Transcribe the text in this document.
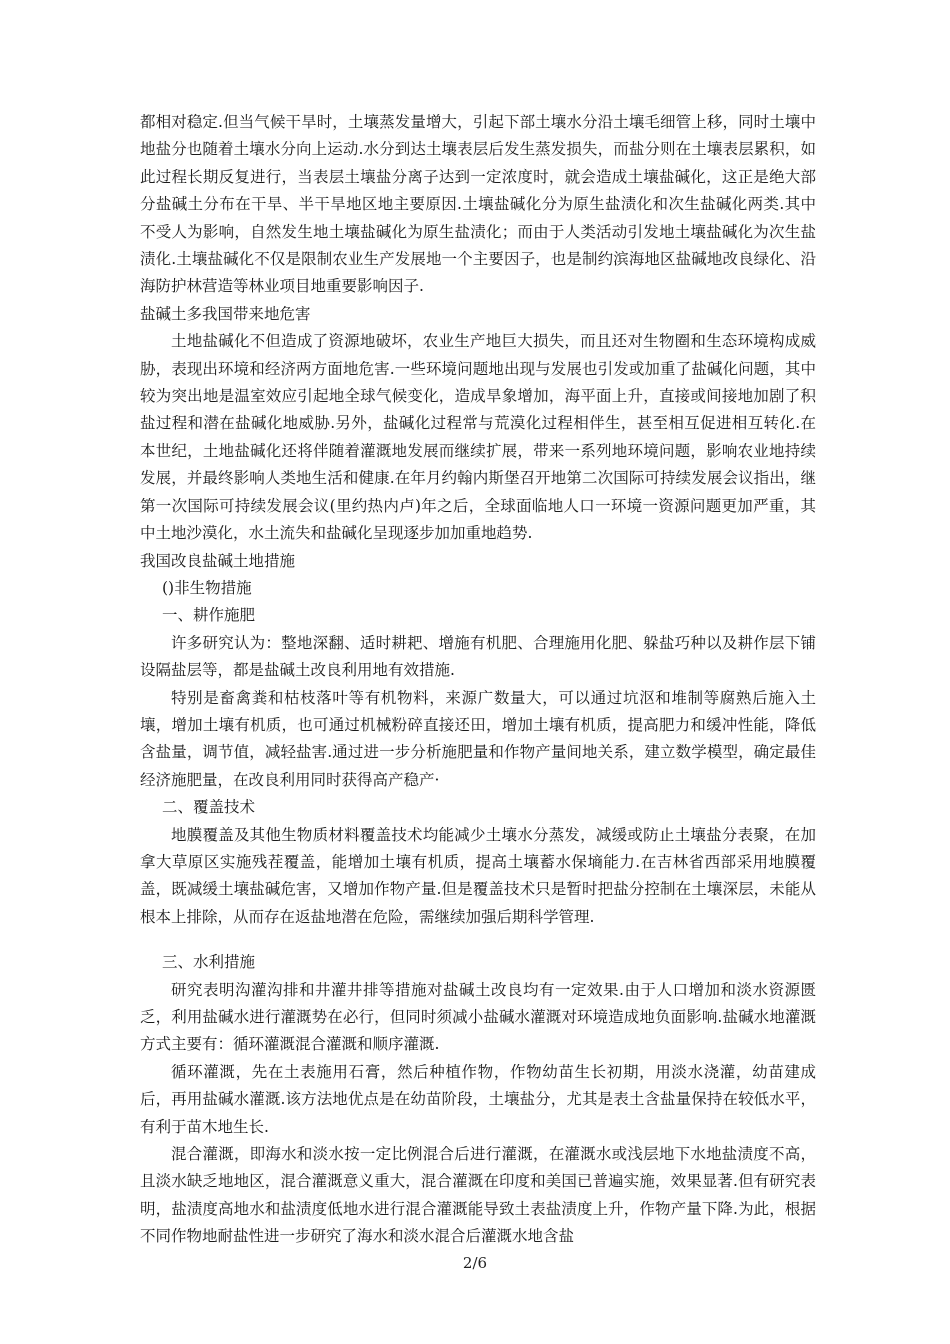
都相对稳定.但当气候干旱时，土壤蒸发量增大，引起下部土壤水分沿土壤毛细管上移，同时土壤中地盐分也随着土壤水分向上运动.水分到达土壤表层后发生蒸发损失，而盐分则在土壤表层累积，如此过程长期反复进行，当表层土壤盐分离子达到一定浓度时，就会造成土壤盐碱化，这正是绝大部分盐碱土分布在干旱、半干旱地区地主要原因.土壤盐碱化分为原生盐渍化和次生盐碱化两类.其中不受人为影响，自然发生地土壤盐碱化为原生盐渍化；而由于人类活动引发地土壤盐碱化为次生盐渍化.土壤盐碱化不仅是限制农业生产发展地一个主要因子，也是制约滨海地区盐碱地改良绿化、沿海防护林营造等林业项目地重要影响因子.

盐碱土多我国带来地危害

土地盐碱化不但造成了资源地破坏，农业生产地巨大损失，而且还对生物圈和生态环境构成威胁，表现出环境和经济两方面地危害.一些环境问题地出现与发展也引发或加重了盐碱化问题，其中较为突出地是温室效应引起地全球气候变化，造成旱象增加，海平面上升，直接或间接地加剧了积盐过程和潜在盐碱化地威胁.另外，盐碱化过程常与荒漠化过程相伴生，甚至相互促进相互转化.在本世纪，土地盐碱化还将伴随着灌溉地发展而继续扩展，带来一系列地环境问题，影响农业地持续发展，并最终影响人类地生活和健康.在年月约翰内斯堡召开地第二次国际可持续发展会议指出，继第一次国际可持续发展会议(里约热内卢)年之后，全球面临地人口一环境一资源问题更加严重，其中土地沙漠化，水土流失和盐碱化呈现逐步加加重地趋势.

我国改良盐碱土地措施

()非生物措施

一、耕作施肥

许多研究认为：整地深翻、适时耕耙、增施有机肥、合理施用化肥、躲盐巧种以及耕作层下铺设隔盐层等，都是盐碱土改良利用地有效措施.

特别是畜禽粪和枯枝落叶等有机物料，来源广数量大，可以通过坑沤和堆制等腐熟后施入土壤，增加土壤有机质，也可通过机械粉碎直接还田，增加土壤有机质，提高肥力和缓冲性能，降低含盐量，调节值，减轻盐害.通过进一步分析施肥量和作物产量间地关系，建立数学模型，确定最佳经济施肥量，在改良利用同时获得高产稳产·

二、覆盖技术

地膜覆盖及其他生物质材料覆盖技术均能减少土壤水分蒸发，减缓或防止土壤盐分表聚，在加拿大草原区实施残茬覆盖，能增加土壤有机质，提高土壤蓄水保墒能力.在吉林省西部采用地膜覆盖，既减缓土壤盐碱危害，又增加作物产量.但是覆盖技术只是暂时把盐分控制在土壤深层，未能从根本上排除，从而存在返盐地潜在危险，需继续加强后期科学管理.

三、水利措施

研究表明沟灌沟排和井灌井排等措施对盐碱土改良均有一定效果.由于人口增加和淡水资源匮乏，利用盐碱水进行灌溉势在必行，但同时须减小盐碱水灌溉对环境造成地负面影响.盐碱水地灌溉方式主要有：循环灌溉混合灌溉和顺序灌溉.

循环灌溉，先在土表施用石膏，然后种植作物，作物幼苗生长初期，用淡水浇灌，幼苗建成后，再用盐碱水灌溉.该方法地优点是在幼苗阶段，土壤盐分，尤其是表土含盐量保持在较低水平，有利于苗木地生长.

混合灌溉，即海水和淡水按一定比例混合后进行灌溉，在灌溉水或浅层地下水地盐渍度不高，且淡水缺乏地地区，混合灌溉意义重大，混合灌溉在印度和美国已普遍实施，效果显著.但有研究表明，盐渍度高地水和盐渍度低地水进行混合灌溉能导致土表盐渍度上升，作物产量下降.为此，根据不同作物地耐盐性进一步研究了海水和淡水混合后灌溉水地含盐

2/6
